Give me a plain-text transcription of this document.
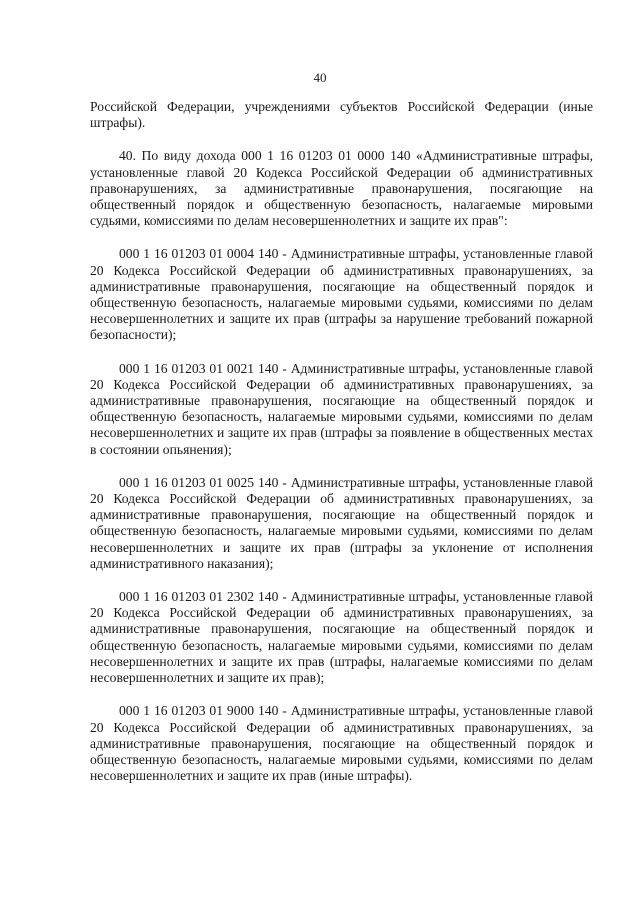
40

Российской Федерации, учреждениями субъектов Российской Федерации (иные штрафы).

40. По виду дохода 000 1 16 01203 01 0000 140 «Административные штрафы, установленные главой 20 Кодекса Российской Федерации об административных правонарушениях, за административные правонарушения, посягающие на общественный порядок и общественную безопасность, налагаемые мировыми судьями, комиссиями по делам несовершеннолетних и защите их прав":

000 1 16 01203 01 0004 140 - Административные штрафы, установленные главой 20 Кодекса Российской Федерации об административных правонарушениях, за административные правонарушения, посягающие на общественный порядок и общественную безопасность, налагаемые мировыми судьями, комиссиями по делам несовершеннолетних и защите их прав (штрафы за нарушение требований пожарной безопасности);

000 1 16 01203 01 0021 140 - Административные штрафы, установленные главой 20 Кодекса Российской Федерации об административных правонарушениях, за административные правонарушения, посягающие на общественный порядок и общественную безопасность, налагаемые мировыми судьями, комиссиями по делам несовершеннолетних и защите их прав (штрафы за появление в общественных местах в состоянии опьянения);

000 1 16 01203 01 0025 140 - Административные штрафы, установленные главой 20 Кодекса Российской Федерации об административных правонарушениях, за административные правонарушения, посягающие на общественный порядок и общественную безопасность, налагаемые мировыми судьями, комиссиями по делам несовершеннолетних и защите их прав (штрафы за уклонение от исполнения административного наказания);

000 1 16 01203 01 2302 140 - Административные штрафы, установленные главой 20 Кодекса Российской Федерации об административных правонарушениях, за административные правонарушения, посягающие на общественный порядок и общественную безопасность, налагаемые мировыми судьями, комиссиями по делам несовершеннолетних и защите их прав (штрафы, налагаемые комиссиями по делам несовершеннолетних и защите их прав);

000 1 16 01203 01 9000 140 - Административные штрафы, установленные главой 20 Кодекса Российской Федерации об административных правонарушениях, за административные правонарушения, посягающие на общественный порядок и общественную безопасность, налагаемые мировыми судьями, комиссиями по делам несовершеннолетних и защите их прав (иные штрафы).
